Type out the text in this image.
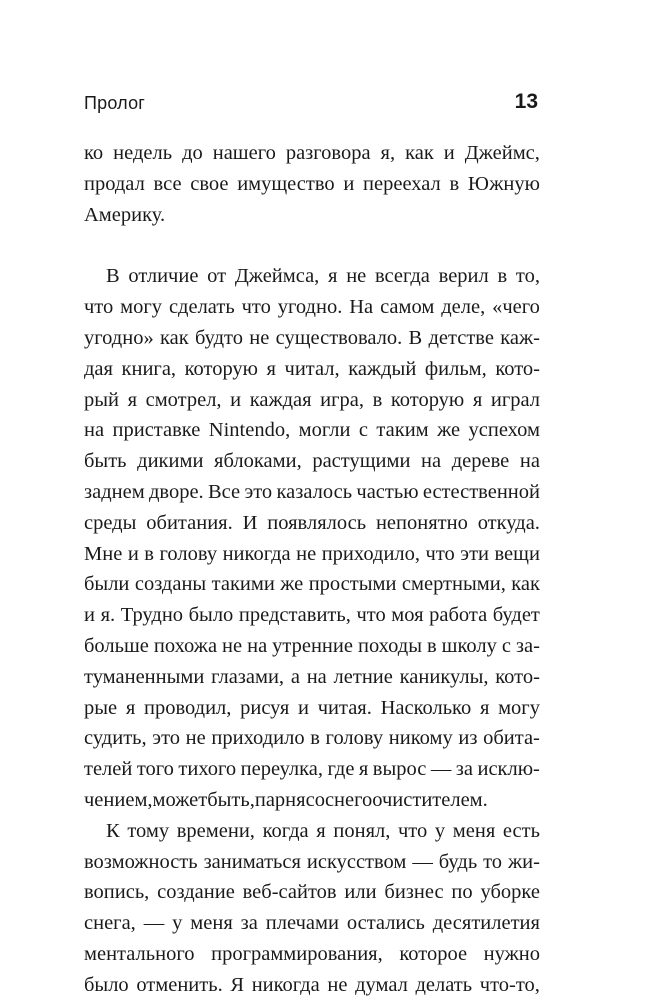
Пролог	13
ко недель до нашего разговора я, как и Джеймс,
продал все свое имущество и переехал в Южную
Америку.
В отличие от Джеймса, я не всегда верил в то,
что могу сделать что угодно. На самом деле, «чего
угодно» как будто не существовало. В детстве каж-
дая книга, которую я читал, каждый фильм, кото-
рый я смотрел, и каждая игра, в которую я играл
на приставке Nintendo, могли с таким же успехом
быть дикими яблоками, растущими на дереве на
заднем дворе. Все это казалось частью естественной
среды обитания. И появлялось непонятно откуда.
Мне и в голову никогда не приходило, что эти вещи
были созданы такими же простыми смертными, как
и я. Трудно было представить, что моя работа будет
больше похожа не на утренние походы в школу с за-
туманенными глазами, а на летние каникулы, кото-
рые я проводил, рисуя и читая. Насколько я могу
судить, это не приходило в голову никому из обита-
телей того тихого переулка, где я вырос — за исклю-
чением, может быть, парня со снегоочистителем.
К тому времени, когда я понял, что у меня есть
возможность заниматься искусством — будь то жи-
вопись, создание веб-сайтов или бизнес по уборке
снега, — у меня за плечами остались десятилетия
ментального программирования, которое нужно
было отменить. Я никогда не думал делать что-то,
